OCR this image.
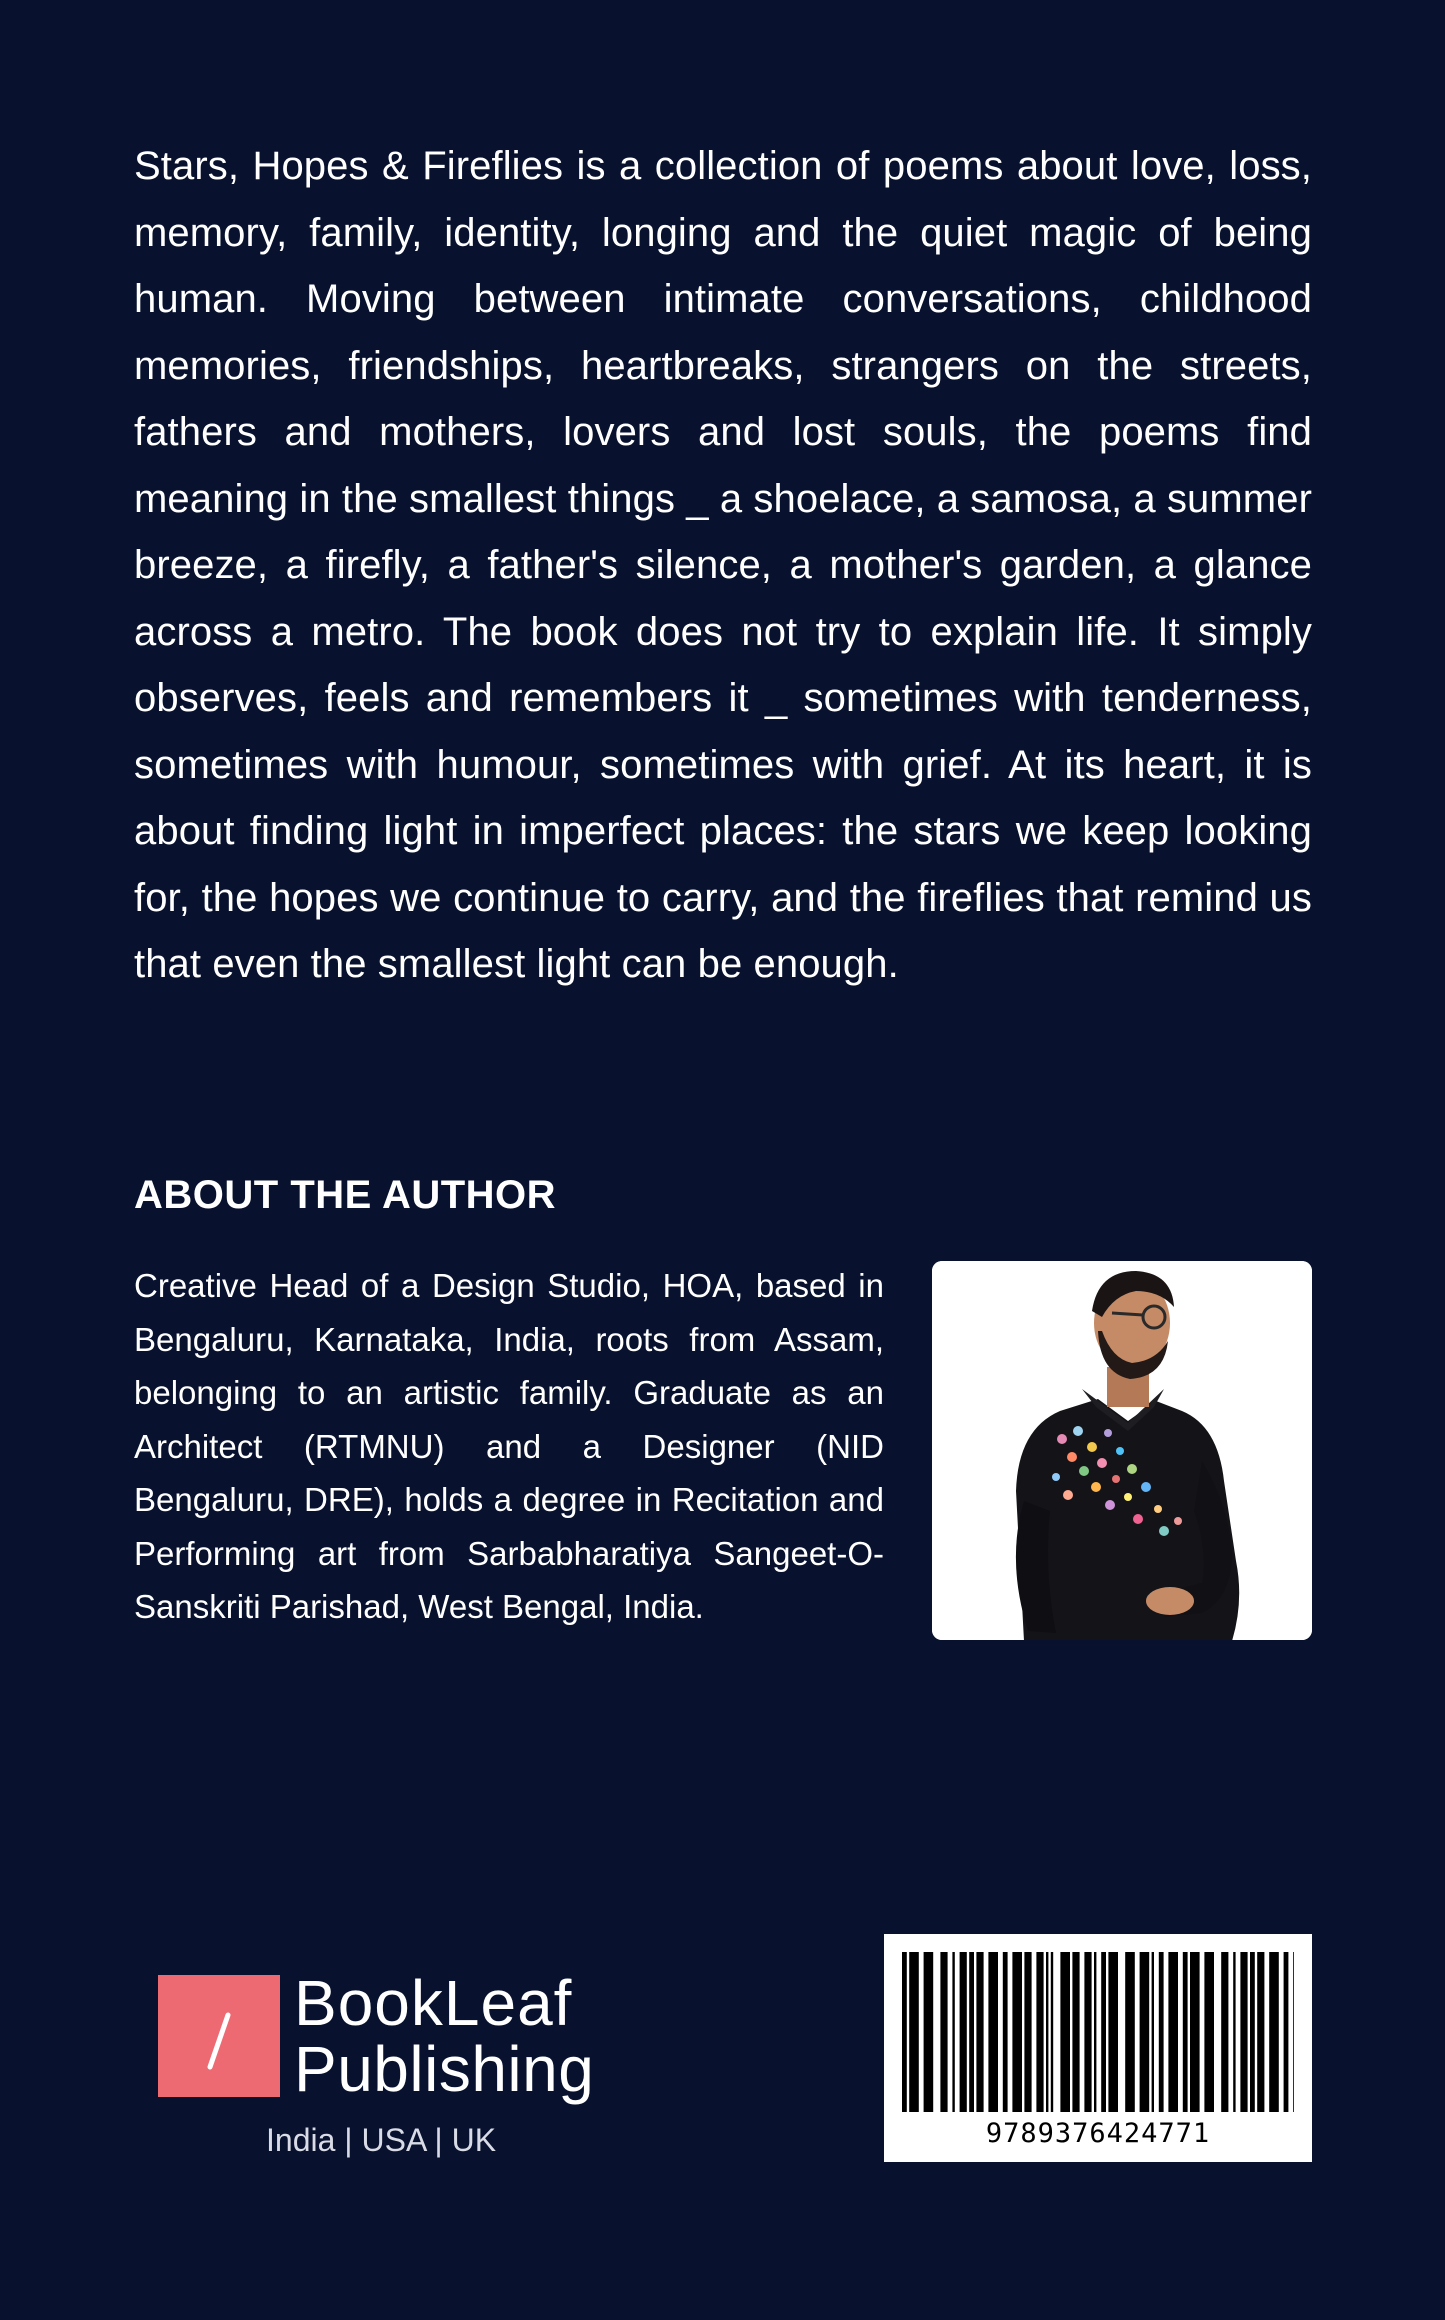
Stars, Hopes & Fireflies is a collection of poems about love, loss, memory, family, identity, longing and the quiet magic of being human. Moving between intimate conversations, childhood memories, friendships, heartbreaks, strangers on the streets, fathers and mothers, lovers and lost souls, the poems find meaning in the smallest things _ a shoelace, a samosa, a summer breeze, a firefly, a father's silence, a mother's garden, a glance across a metro. The book does not try to explain life. It simply observes, feels and remembers it _ sometimes with tenderness, sometimes with humour, sometimes with grief. At its heart, it is about finding light in imperfect places: the stars we keep looking for, the hopes we continue to carry, and the fireflies that remind us that even the smallest light can be enough.

ABOUT THE AUTHOR

Creative Head of a Design Studio, HOA, based in Bengaluru, Karnataka, India, roots from Assam, belonging to an artistic family. Graduate as an Architect (RTMNU) and a Designer (NID Bengaluru, DRE), holds a degree in Recitation and Performing art from Sarbabharatiya Sangeet-O-Sanskriti Parishad, West Bengal, India.

BookLeaf
Publishing
India | USA | UK	9789376424771
